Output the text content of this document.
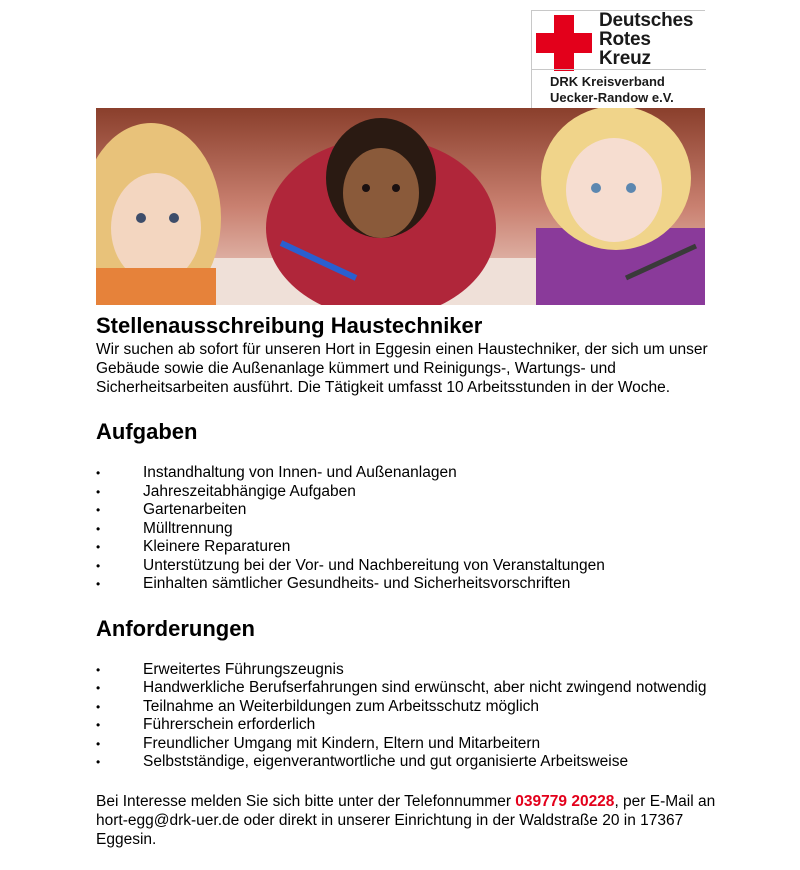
Deutsches
Rotes
Kreuz
DRK Kreisverband
Uecker-Randow e.V.
Stellenausschreibung Haustechniker

Wir suchen ab sofort für unseren Hort in Eggesin einen Haustechniker, der sich um unser Gebäude sowie die Außenanlage kümmert und Reinigungs-, Wartungs- und Sicherheitsarbeiten ausführt. Die Tätigkeit umfasst 10 Arbeitsstunden in der Woche.

Aufgaben
• Instandhaltung von Innen- und Außenanlagen
• Jahreszeitabhängige Aufgaben
• Gartenarbeiten
• Mülltrennung
• Kleinere Reparaturen
• Unterstützung bei der Vor- und Nachbereitung von Veranstaltungen
• Einhalten sämtlicher Gesundheits- und Sicherheitsvorschriften
Anforderungen
• Erweitertes Führungszeugnis
• Handwerkliche Berufserfahrungen sind erwünscht, aber nicht zwingend notwendig
• Teilnahme an Weiterbildungen zum Arbeitsschutz möglich
• Führerschein erforderlich
• Freundlicher Umgang mit Kindern, Eltern und Mitarbeitern
• Selbstständige, eigenverantwortliche und gut organisierte Arbeitsweise

Bei Interesse melden Sie sich bitte unter der Telefonnummer 039779 20228, per E-Mail an hort-egg@drk-uer.de oder direkt in unserer Einrichtung in der Waldstraße 20 in 17367 Eggesin.
